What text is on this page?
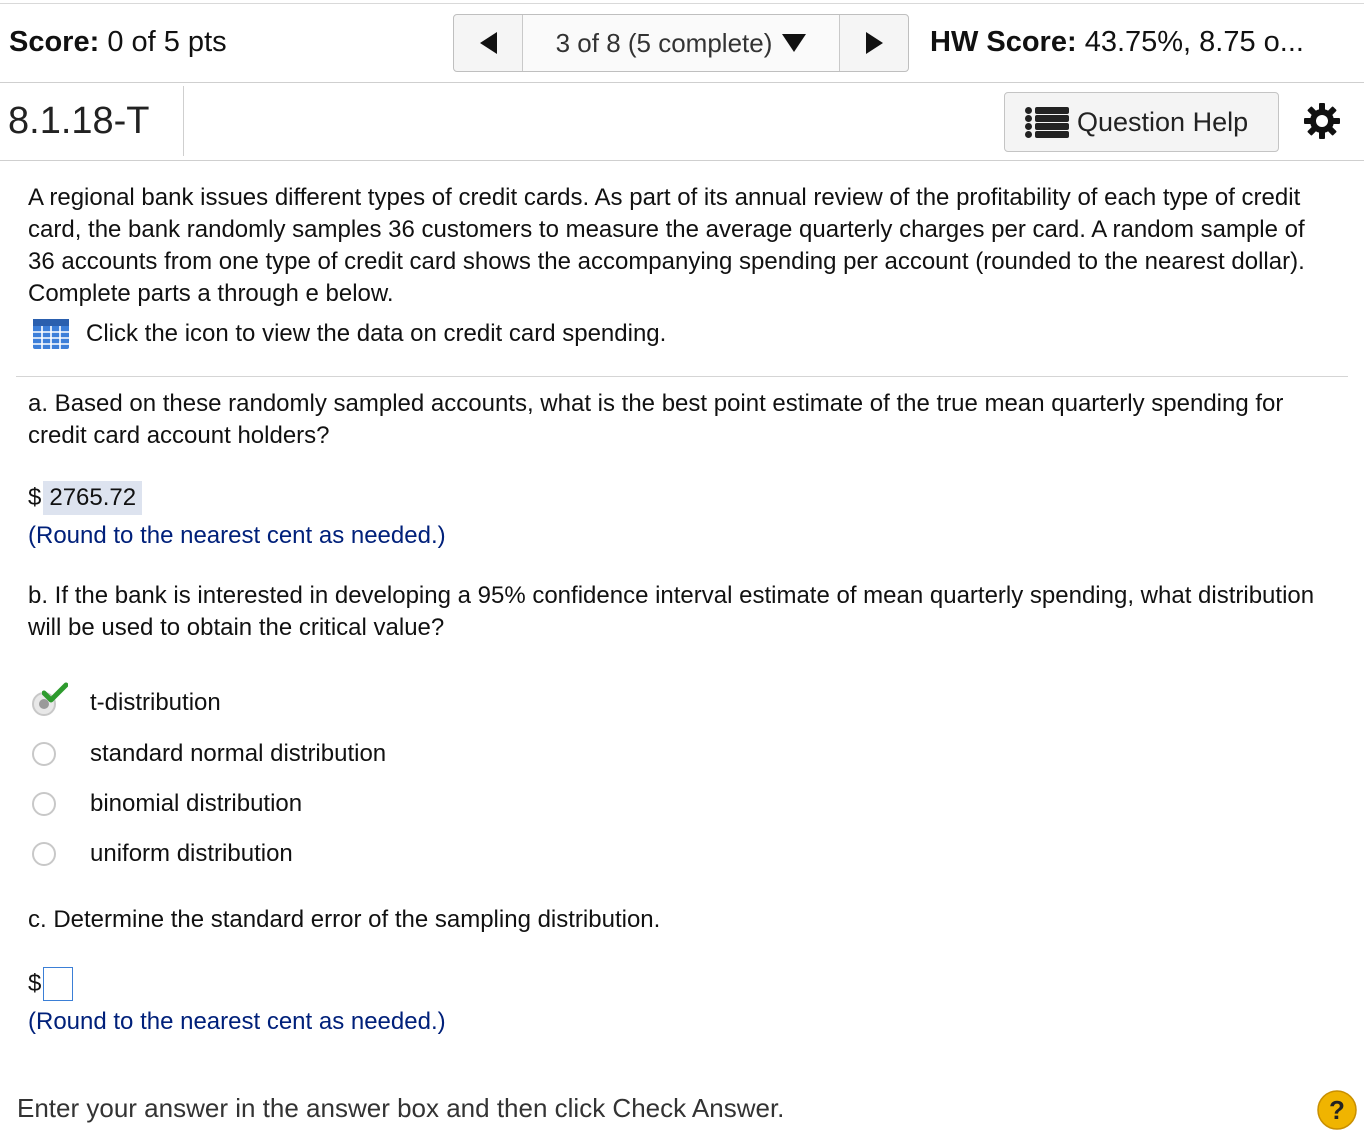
Score: 0 of 5 pts	3 of 8 (5 complete)	HW Score: 43.75%, 8.75 o...
8.1.18-T	Question Help
A regional bank issues different types of credit cards. As part of its annual review of the profitability of each type of credit card, the bank randomly samples 36 customers to measure the average quarterly charges per card. A random sample of 36 accounts from one type of credit card shows the accompanying spending per account (rounded to the nearest dollar). Complete parts a through e below.
Click the icon to view the data on credit card spending.
a. Based on these randomly sampled accounts, what is the best point estimate of the true mean quarterly spending for credit card account holders?
$ 2765.72
(Round to the nearest cent as needed.)
b. If the bank is interested in developing a 95% confidence interval estimate of mean quarterly spending, what distribution will be used to obtain the critical value?
t-distribution
standard normal distribution
binomial distribution
uniform distribution
c. Determine the standard error of the sampling distribution.
$
(Round to the nearest cent as needed.)
Enter your answer in the answer box and then click Check Answer.	?
